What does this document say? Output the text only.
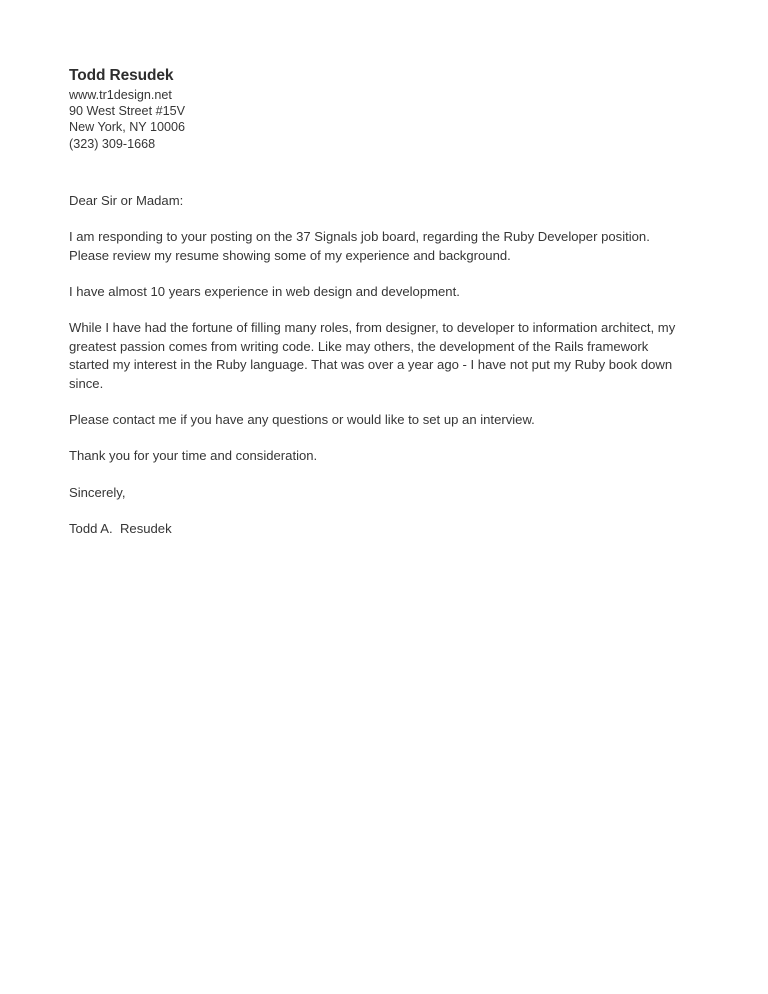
Todd Resudek
www.tr1design.net
90 West Street #15V
New York, NY 10006
(323) 309-1668

Dear Sir or Madam:

I am responding to your posting on the 37 Signals job board, regarding the Ruby Developer position.  Please review my resume showing some of my experience and background.

I have almost 10 years experience in web design and development.

While I have had the fortune of filling many roles, from designer, to developer to information architect, my greatest passion comes from writing code. Like may others, the development of the Rails framework started my interest in the Ruby language. That was over a year ago - I have not put my Ruby book down since.

Please contact me if you have any questions or would like to set up an interview.

Thank you for your time and consideration.

Sincerely,

Todd A.  Resudek
